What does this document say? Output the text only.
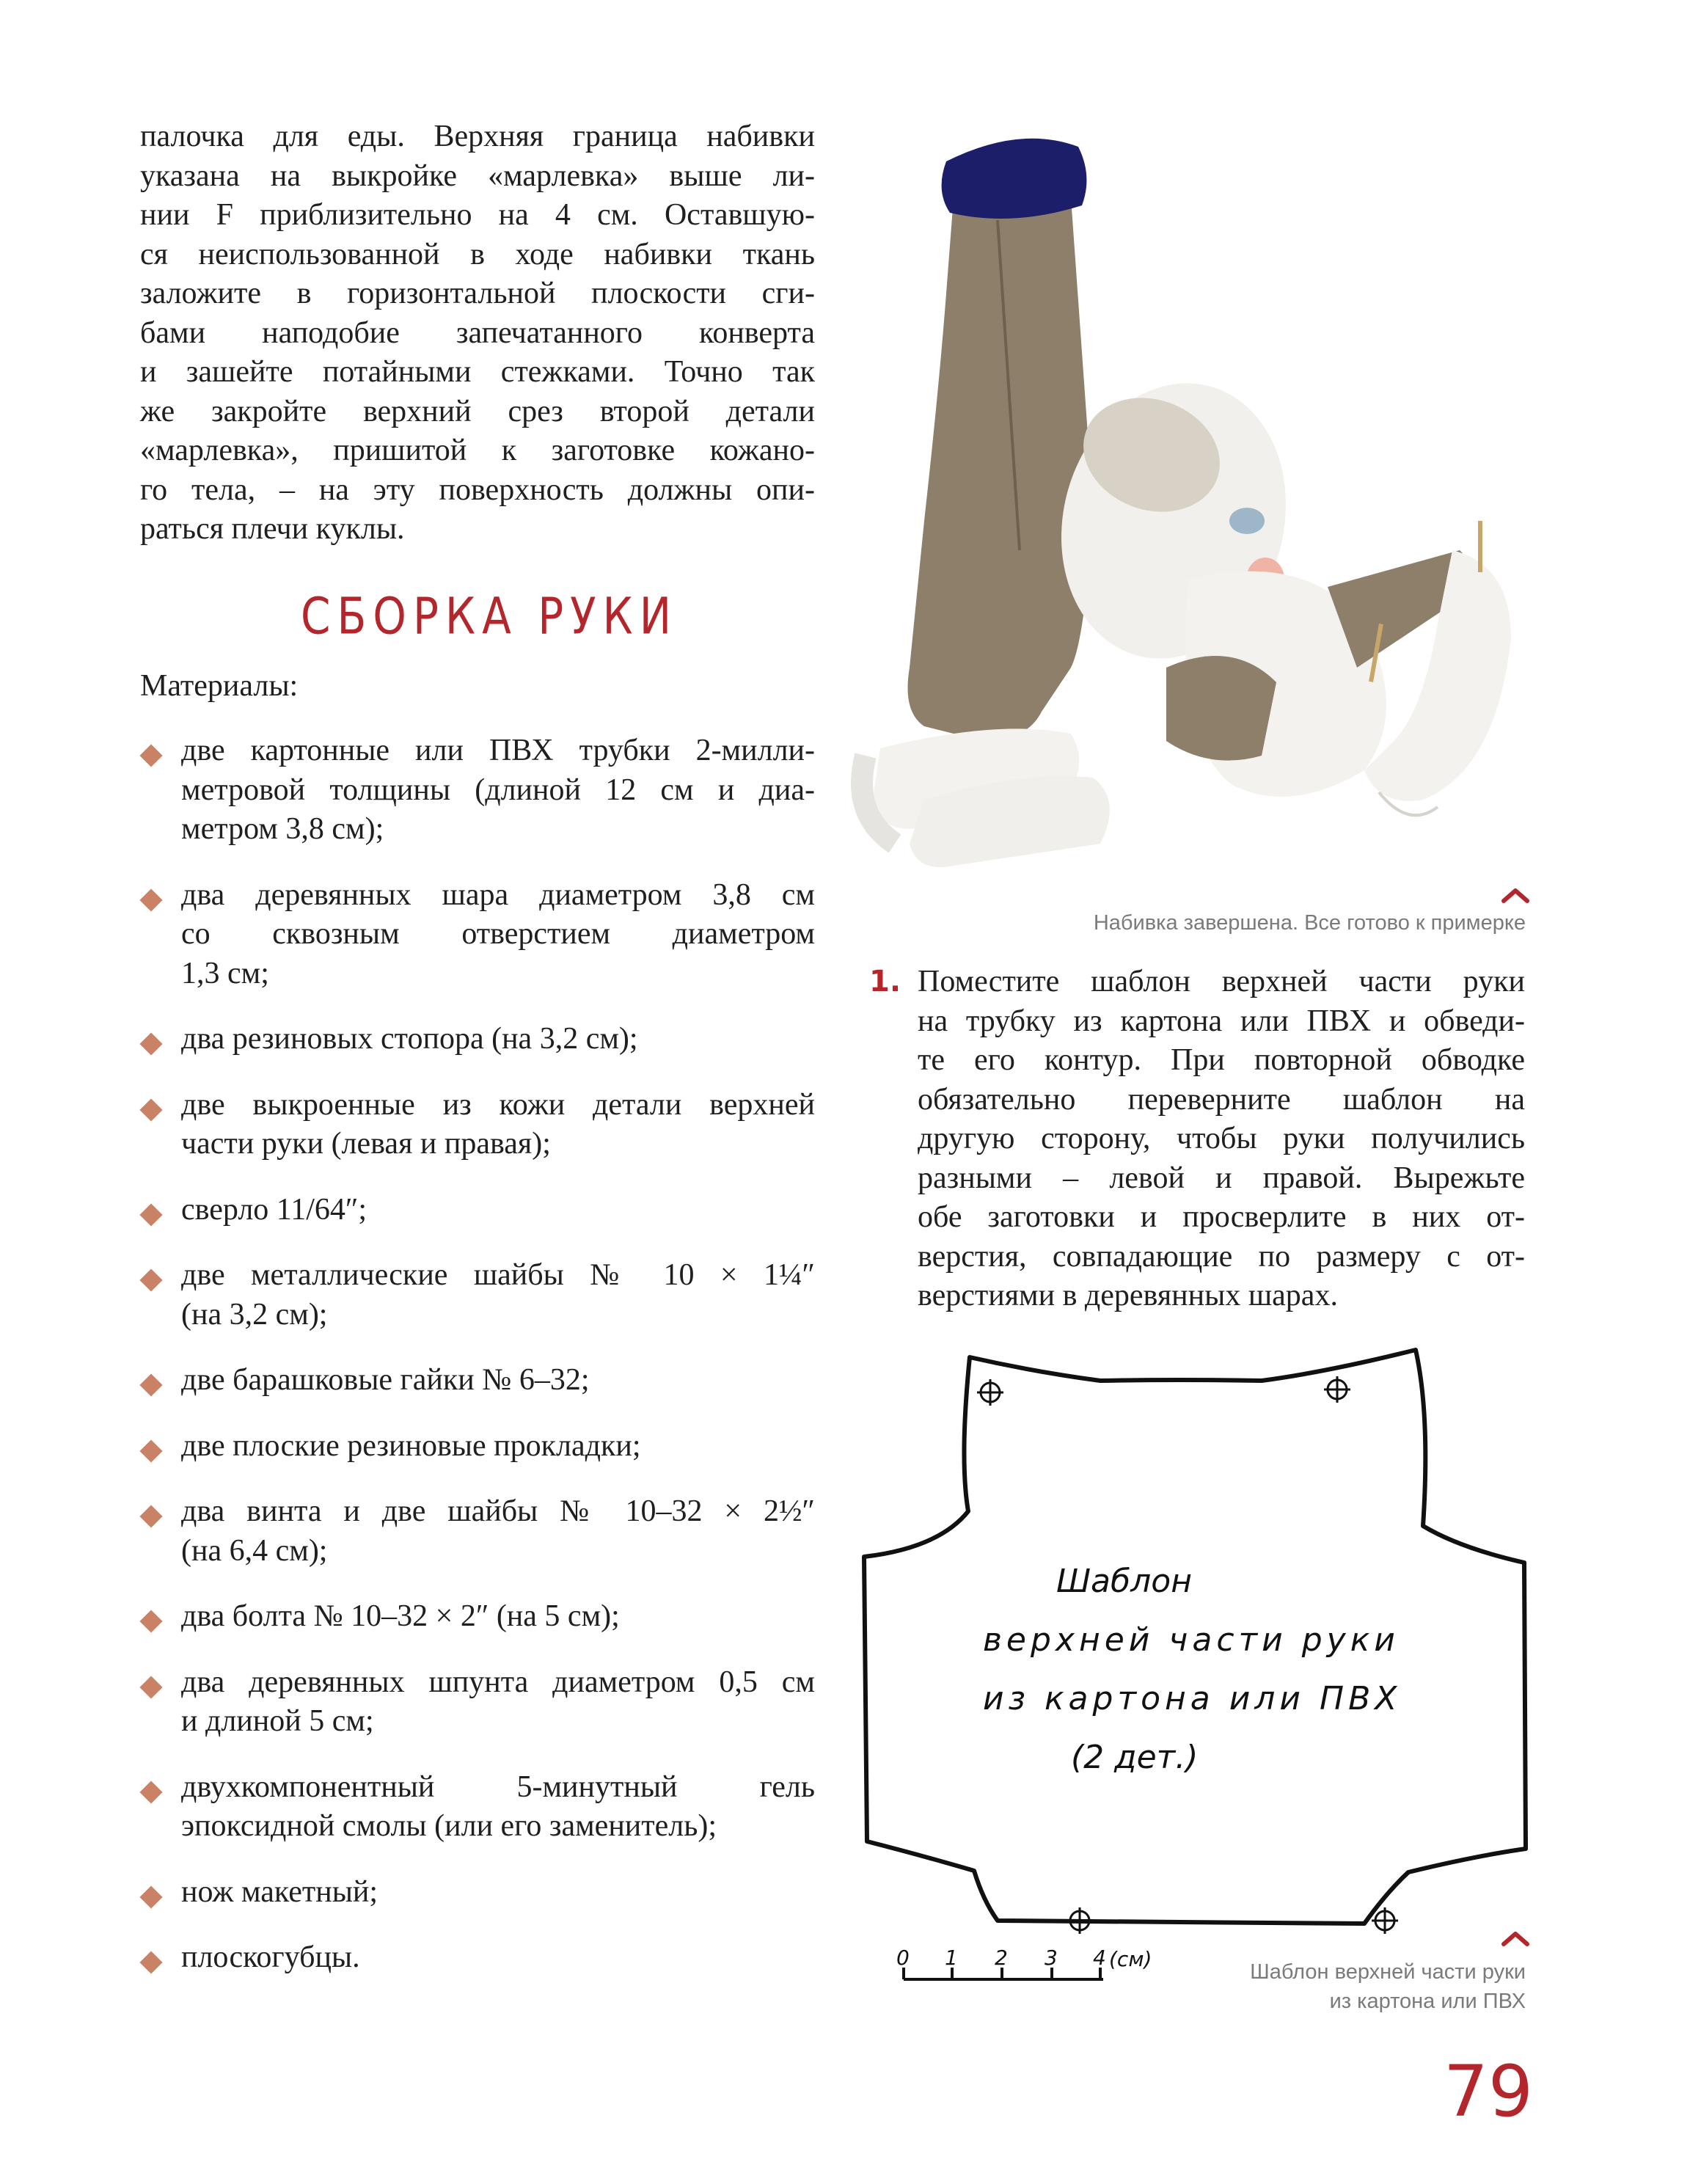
палочка для еды. Верхняя граница набивки
указана на выкройке «марлевка» выше ли-
нии F приблизительно на 4 см. Оставшую-
ся неиспользованной в ходе набивки ткань
заложите в горизонтальной плоскости сги-
бами наподобие запечатанного конверта
и зашейте потайными стежками. Точно так
же закройте верхний срез второй детали
«марлевка», пришитой к заготовке кожано-
го тела, – на эту поверхность должны опи-
раться плечи куклы.
СБОРКА РУКИ
Материалы:
две картонные или ПВХ трубки 2-милли-
метровой толщины (длиной 12 см и диа-
метром 3,8 см);
два деревянных шара диаметром 3,8 см
со сквозным отверстием диаметром
1,3 см;
два резиновых стопора (на 3,2 см);
две выкроенные из кожи детали верхней
части руки (левая и правая);
сверло 11/64″;
две металлические шайбы № 10 × 1¼″
(на 3,2 см);
две барашковые гайки № 6–32;
две плоские резиновые прокладки;
два винта и две шайбы № 10–32 × 2½″
(на 6,4 см);
два болта № 10–32 × 2″ (на 5 см);
два деревянных шпунта диаметром 0,5 см
и длиной 5 см;
двухкомпонентный 5-минутный гель
эпоксидной смолы (или его заменитель);
нож макетный;
плоскогубцы.
Набивка завершена. Все готово к примерке
1. Поместите шаблон верхней части руки
на трубку из картона или ПВХ и обведи-
те его контур. При повторной обводке
обязательно переверните шаблон на
другую сторону, чтобы руки получились
разными – левой и правой. Вырежьте
обе заготовки и просверлите в них от-
верстия, совпадающие по размеру с от-
верстиями в деревянных шарах.
Шаблон
верхней части руки
из картона или ПВХ
(2 дет.)
0 1 2 3 4 (см)
Шаблон верхней части руки
из картона или ПВХ
79
